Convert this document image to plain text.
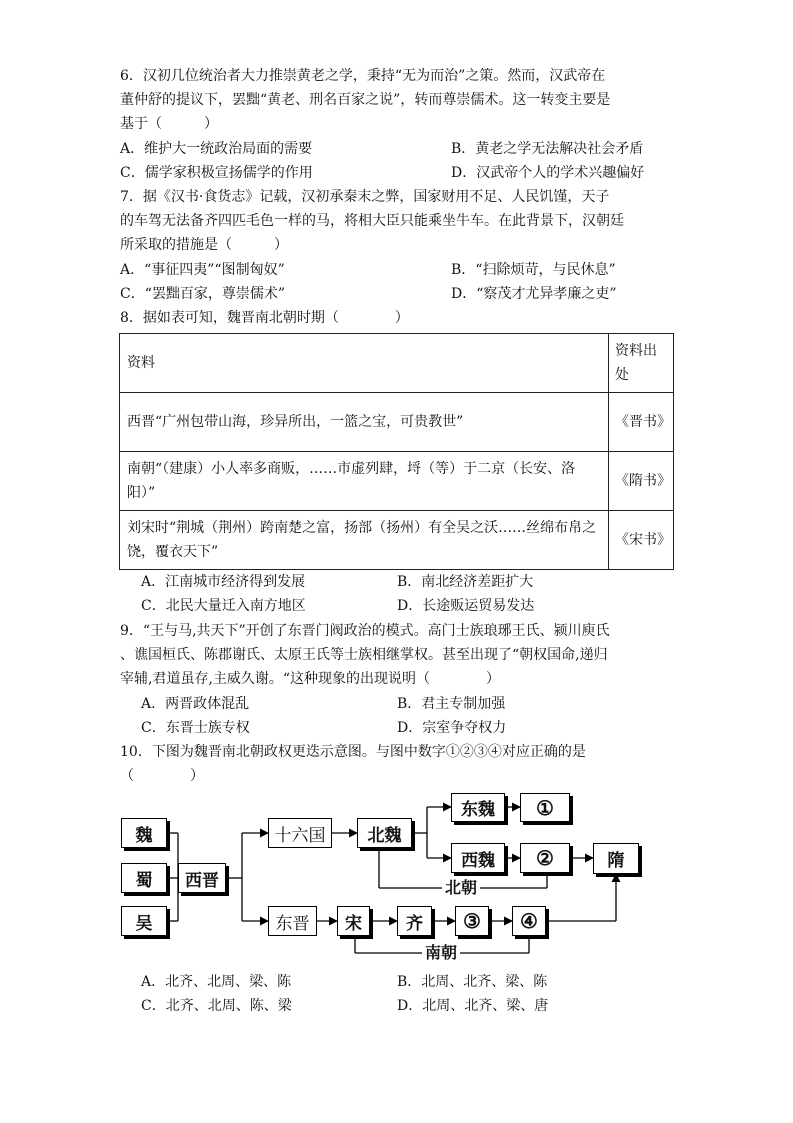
6．汉初几位统治者大力推崇黄老之学，秉持“无为而治”之策。然而，汉武帝在
董仲舒的提议下，罢黜“黄老、刑名百家之说”，转而尊崇儒术。这一转变主要是
基于（　　　）
A．维护大一统政治局面的需要	B．黄老之学无法解决社会矛盾
C．儒学家积极宣扬儒学的作用	D．汉武帝个人的学术兴趣偏好
7．据《汉书·食货志》记载，汉初承秦末之弊，国家财用不足、人民饥馑，天子
的车驾无法备齐四匹毛色一样的马，将相大臣只能乘坐牛车。在此背景下，汉朝廷
所采取的措施是（　　　）
A．“事征四夷”“图制匈奴”	B．“扫除烦苛，与民休息”
C．“罢黜百家，尊崇儒术”	D．“察茂才尤异孝廉之吏”
8．据如表可知，魏晋南北朝时期（　　　　）
资料	资料出处
西晋“广州包带山海，珍异所出，一篮之宝，可贵教世”	《晋书》
南朝“（建康）小人率多商贩，……市虚列肆，埒（等）于二京（长安、洛阳）”	《隋书》
刘宋时“荆城（荆州）跨南楚之富，扬部（扬州）有全吴之沃……丝绵布帛之饶，覆衣天下”	《宋书》
A．江南城市经济得到发展	B．南北经济差距扩大
C．北民大量迁入南方地区	D．长途贩运贸易发达
9．“王与马,共天下”开创了东晋门阀政治的模式。高门士族琅琊王氏、颍川庾氏
、谯国桓氏、陈郡谢氏、太原王氏等士族相继掌权。甚至出现了“朝权国命,递归
宰辅,君道虽存,主威久谢。“这种现象的出现说明（　　　　）
A．两晋政体混乱	B．君主专制加强
C．东晋士族专权	D．宗室争夺权力
10．下图为魏晋南北朝政权更迭示意图。与图中数字①②③④对应正确的是
（　　　　）
魏
蜀
吴
西晋
十六国	北魏
东魏
西魏
①
②	隋
东晋	宋	齐	③	④
北朝
南朝
A．北齐、北周、梁、陈	B．北周、北齐、梁、陈
C．北齐、北周、陈、梁	D．北周、北齐、梁、唐
